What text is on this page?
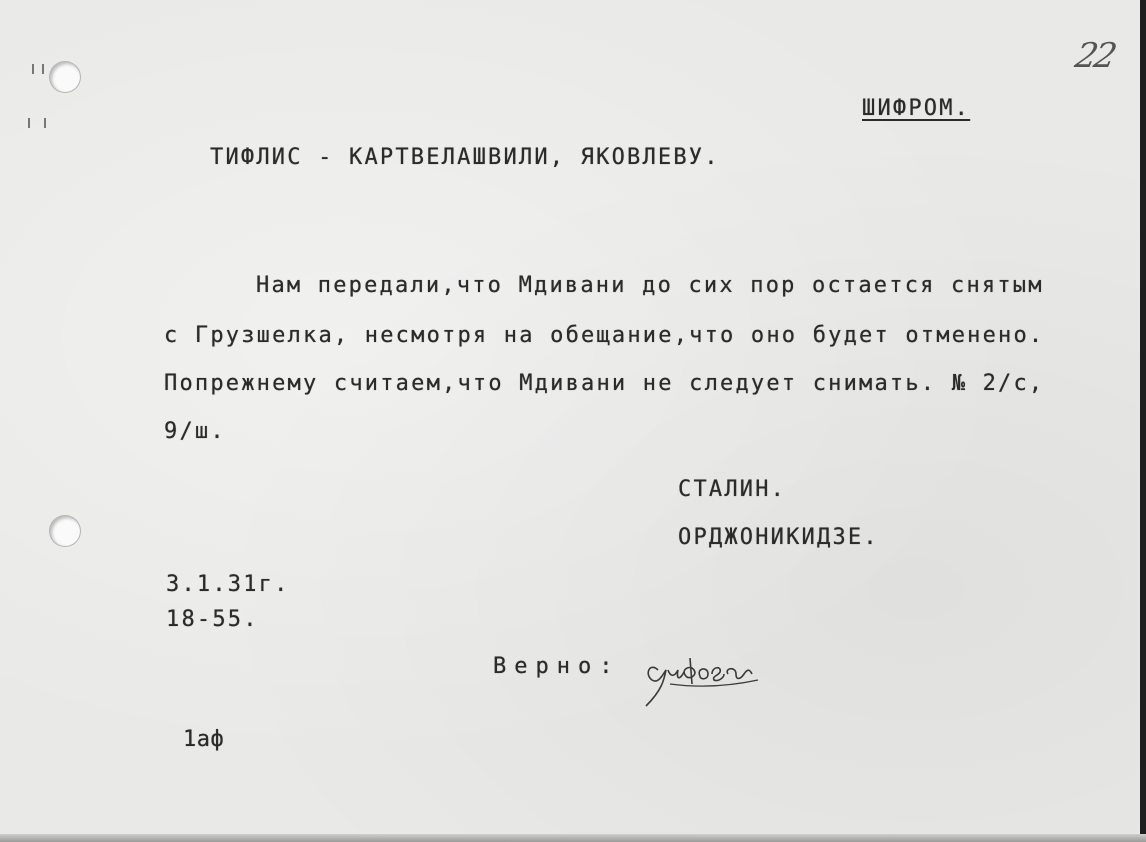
22
ШИФРОМ.
ТИФЛИС - КАРТВЕЛАШВИЛИ, ЯКОВЛЕВУ.
Нам передали,что Мдивани до сих пор остается снятым
с Грузшелка, несмотря на обещание,что оно будет отменено.
Попрежнему считаем,что Мдивани не следует снимать. № 2/с,
9/ш.
СТАЛИН.
ОРДЖОНИКИДЗЕ.
3.1.31г.
18-55.
Верно:
1аф
